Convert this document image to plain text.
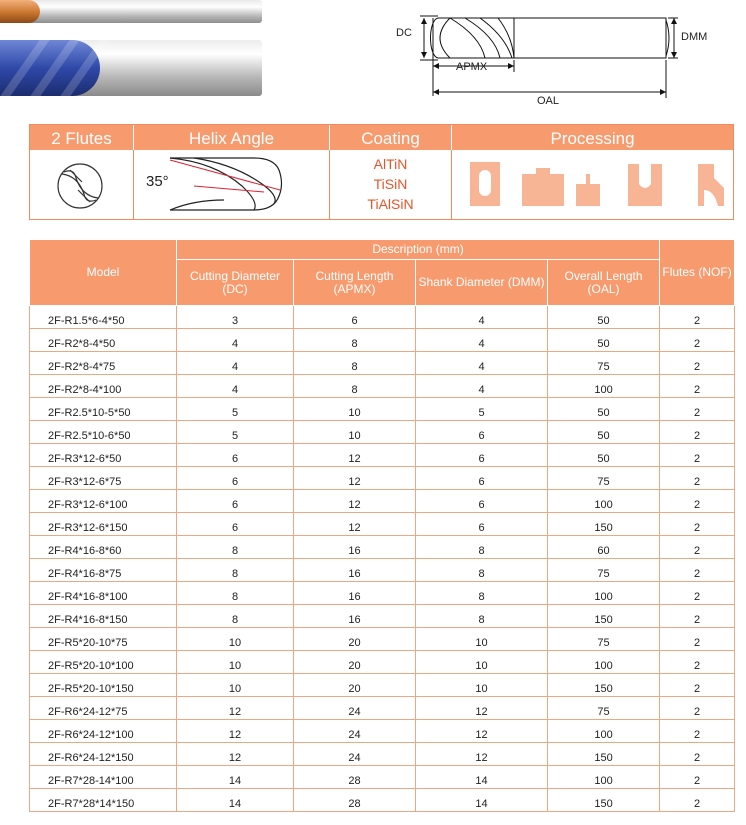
DC	DMM
APMX
OAL
2 Flutes	Helix Angle	Coating	Processing
35°
AlTiN
TiSiN
TiAlSiN
Model	Description (mm)				Flutes (NOF)
	Cutting Diameter (DC)	Cutting Length (APMX)	Shank Diameter (DMM)	Overall Length (OAL)	
2F-R1.5*6-4*50	3	6	4	50	2
2F-R2*8-4*50	4	8	4	50	2
2F-R2*8-4*75	4	8	4	75	2
2F-R2*8-4*100	4	8	4	100	2
2F-R2.5*10-5*50	5	10	5	50	2
2F-R2.5*10-6*50	5	10	6	50	2
2F-R3*12-6*50	6	12	6	50	2
2F-R3*12-6*75	6	12	6	75	2
2F-R3*12-6*100	6	12	6	100	2
2F-R3*12-6*150	6	12	6	150	2
2F-R4*16-8*60	8	16	8	60	2
2F-R4*16-8*75	8	16	8	75	2
2F-R4*16-8*100	8	16	8	100	2
2F-R4*16-8*150	8	16	8	150	2
2F-R5*20-10*75	10	20	10	75	2
2F-R5*20-10*100	10	20	10	100	2
2F-R5*20-10*150	10	20	10	150	2
2F-R6*24-12*75	12	24	12	75	2
2F-R6*24-12*100	12	24	12	100	2
2F-R6*24-12*150	12	24	12	150	2
2F-R7*28-14*100	14	28	14	100	2
2F-R7*28*14*150	14	28	14	150	2
